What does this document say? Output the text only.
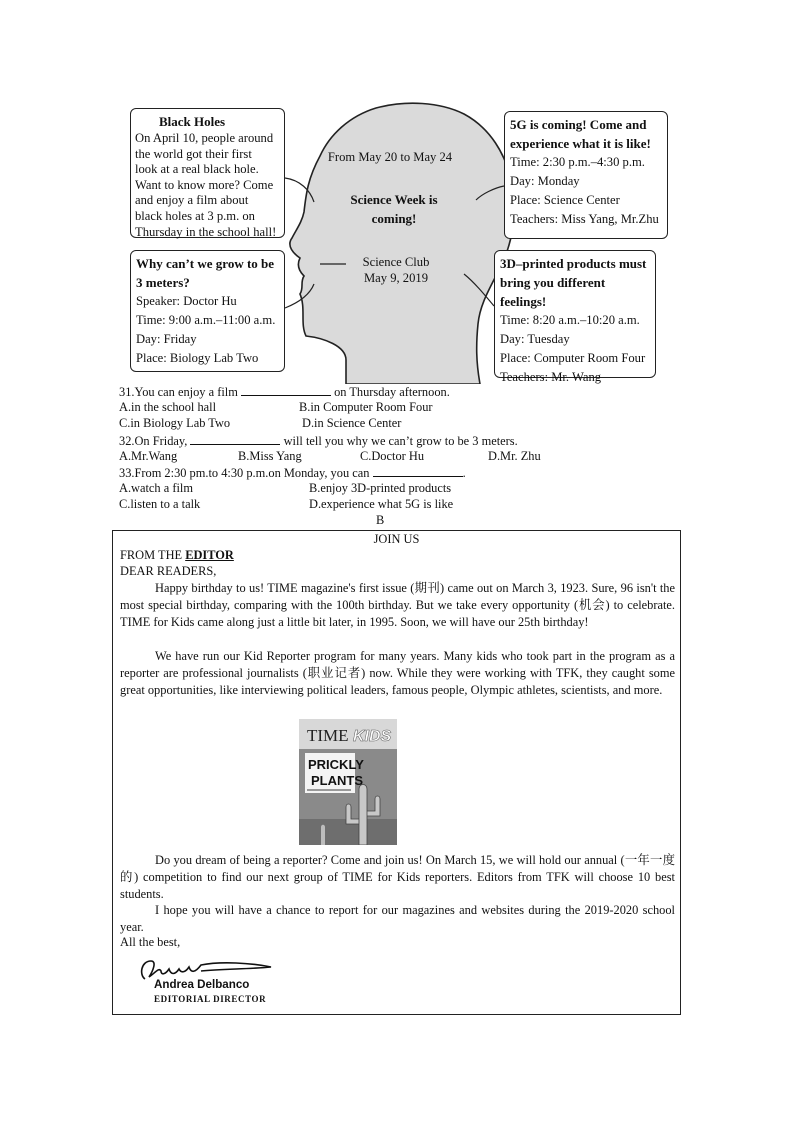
Black Holes
On April 10, people around
the world got their first
look at a real black hole.
Want to know more? Come
and enjoy a film about
black holes at 3 p.m. on
Thursday in the school hall!
From May 20 to May 24
Science Week is
coming!
Science Club
May 9, 2019
5G is coming! Come and
experience what it is like!
Time: 2:30 p.m.–4:30 p.m.
Day: Monday
Place: Science Center
Teachers: Miss Yang, Mr.Zhu
Why can’t we grow to be
3 meters?
Speaker: Doctor Hu
Time: 9:00 a.m.–11:00 a.m.
Day: Friday
Place: Biology Lab Two
3D–printed products must
bring you different feelings!
Time: 8:20 a.m.–10:20 a.m.
Day: Tuesday
Place: Computer Room Four
Teachers: Mr. Wang
31.You can enjoy a film	on Thursday afternoon.
A.in the school hall	B.in Computer Room Four
C.in Biology Lab Two	D.in Science Center
32.On Friday,	will tell you why we can’t grow to be 3 meters.
A.Mr.Wang	B.Miss Yang	C.Doctor Hu	D.Mr. Zhu
33.From 2:30 pm.to 4:30 p.m.on Monday, you can	.
A.watch a film	B.enjoy 3D-printed products
C.listen to a talk	D.experience what 5G is like
B
JOIN US
FROM THE EDITOR
DEAR READERS,
Happy birthday to us! TIME magazine's first issue (期刊) came out on March 3, 1923. Sure, 96 isn't the most special birthday, comparing with the 100th birthday. But we take every opportunity (机会) to celebrate. TIME for Kids came along just a little bit later, in 1995. Soon, we will have our 25th birthday!
We have run our Kid Reporter program for many years. Many kids who took part in the program as a reporter are professional journalists (职业记者) now. While they were working with TFK, they caught some great opportunities, like interviewing political leaders, famous people, Olympic athletes, scientists, and more.
TIME KIDS
PRICKLY
PLANTS
Do you dream of being a reporter? Come and join us! On March 15, we will hold our annual (一年一度的) competition to find our next group of TIME for Kids reporters. Editors from TFK will choose 10 best students.
I hope you will have a chance to report for our magazines and websites during the 2019-2020 school year.
All the best,
Andrea Delbanco
EDITORIAL DIRECTOR
